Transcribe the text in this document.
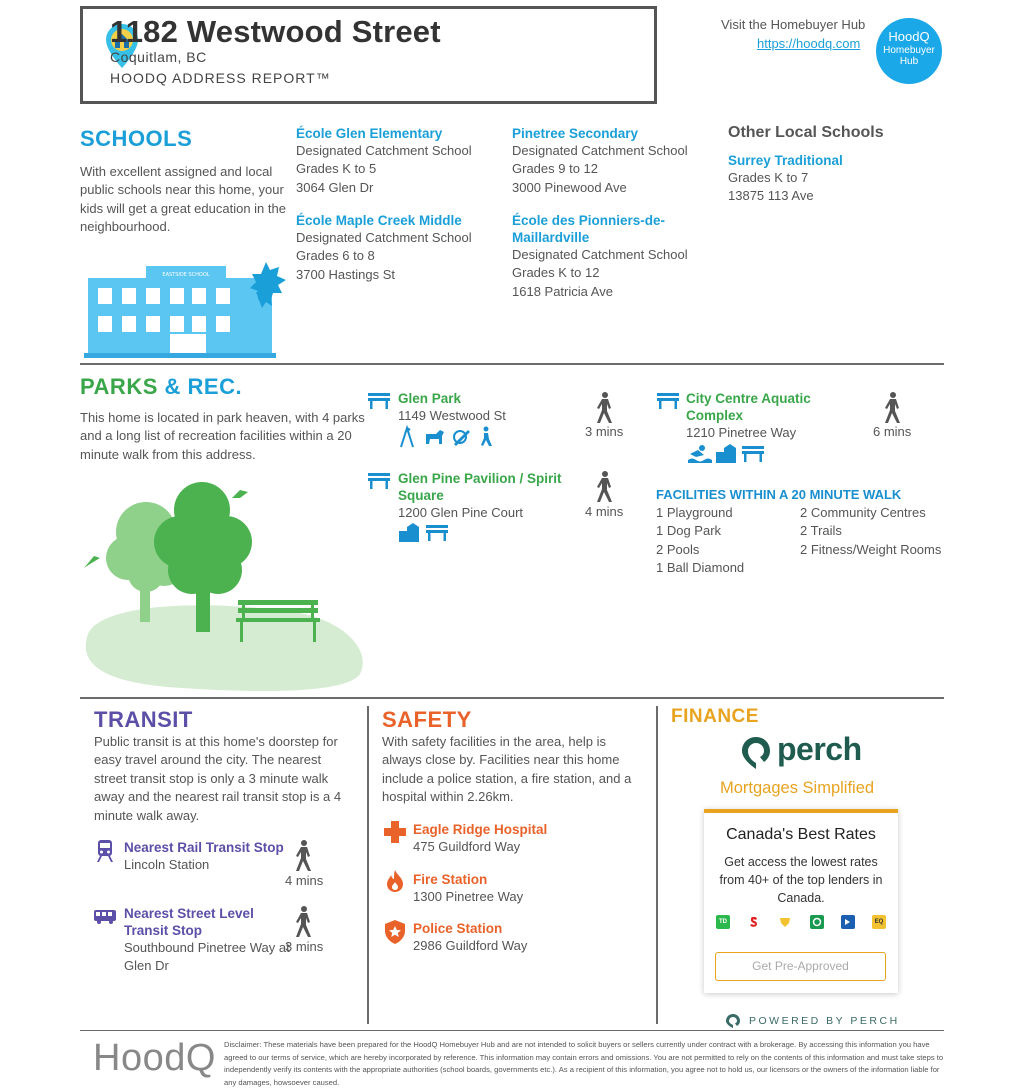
1182 Westwood Street
Coquitlam, BC
HOODQ ADDRESS REPORT™
Visit the Homebuyer Hub
https://hoodq.com	HoodQ
Homebuyer Hub
SCHOOLS
With excellent assigned and local public schools near this home, your kids will get a great education in the neighbourhood.
EASTSIDE SCHOOL
École Glen Elementary
Designated Catchment School
Grades K to 5
3064 Glen Dr
École Maple Creek Middle
Designated Catchment School
Grades 6 to 8
3700 Hastings St
Pinetree Secondary
Designated Catchment School
Grades 9 to 12
3000 Pinewood Ave
École des Pionniers-de-Maillardville
Designated Catchment School
Grades K to 12
1618 Patricia Ave
Other Local Schools
Surrey Traditional
Grades K to 7
13875 113 Ave
PARKS & REC.
This home is located in park heaven, with 4 parks and a long list of recreation facilities within a 20 minute walk from this address.
Glen Park
1149 Westwood St
3 mins
Glen Pine Pavilion / Spirit Square
1200 Glen Pine Court	4 mins
City Centre Aquatic Complex
1210 Pinetree Way	6 mins
FACILITIES WITHIN A 20 MINUTE WALK
1 Playground
1 Dog Park
2 Pools
1 Ball Diamond
2 Community Centres
2 Trails
2 Fitness/Weight Rooms
TRANSIT
Public transit is at this home's doorstep for easy travel around the city. The nearest street transit stop is only a 3 minute walk away and the nearest rail transit stop is a 4 minute walk away.
Nearest Rail Transit Stop
Lincoln Station
4 mins
Nearest Street Level Transit Stop
Southbound Pinetree Way at Glen Dr
3 mins
SAFETY
With safety facilities in the area, help is always close by. Facilities near this home include a police station, a fire station, and a hospital within 2.26km.
Eagle Ridge Hospital
475 Guildford Way
Fire Station
1300 Pinetree Way
Police Station
2986 Guildford Way
FINANCE
perch
Mortgages Simplified
Canada's Best Rates
Get access the lowest rates from 40+ of the top lenders in Canada.
TD	EQ
Get Pre-Approved
POWERED BY PERCH
HoodQ Disclaimer: These materials have been prepared for the HoodQ Homebuyer Hub and are not intended to solicit buyers or sellers currently under contract with a brokerage. By accessing this information you have agreed to our terms of service, which are hereby incorporated by reference. This information may contain errors and omissions. You are not permitted to rely on the contents of this information and must take steps to independently verify its contents with the appropriate authorities (school boards, governments etc.). As a recipient of this information, you agree not to hold us, our licensors or the owners of the information liable for any damages, howsoever caused.
